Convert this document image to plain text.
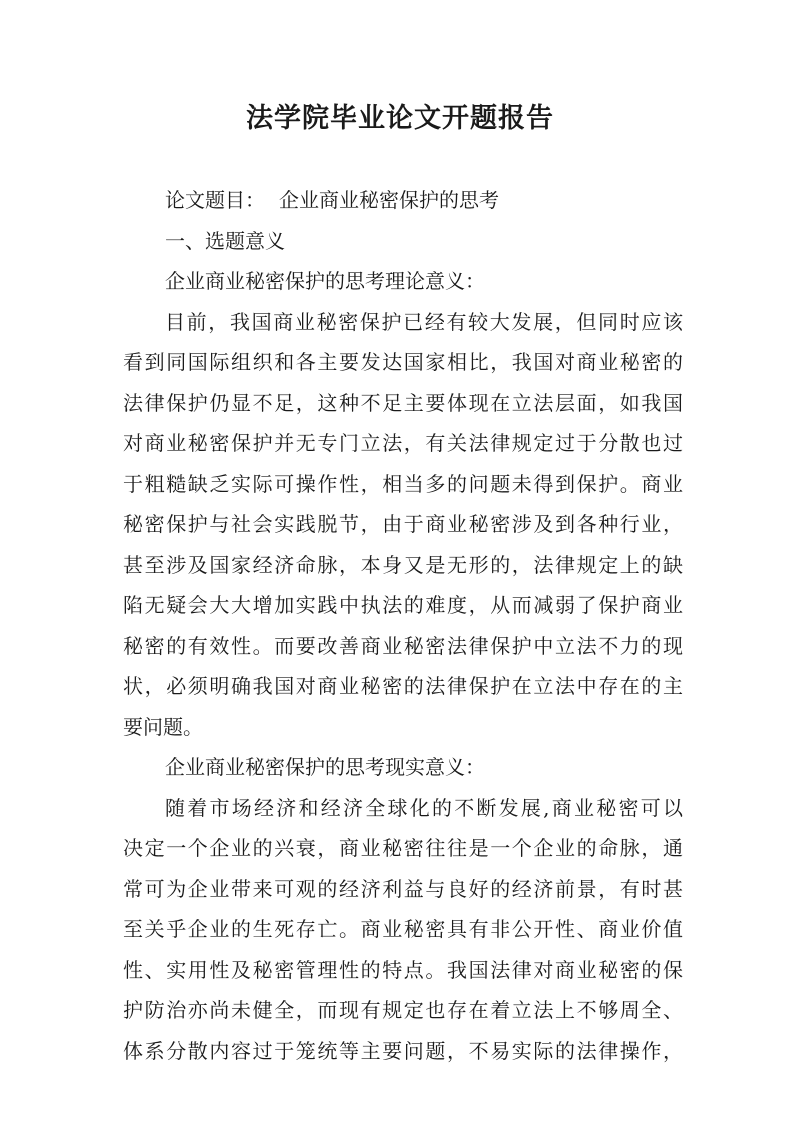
法学院毕业论文开题报告
论文题目： 企业商业秘密保护的思考
一、选题意义
企业商业秘密保护的思考理论意义：
目前，我国商业秘密保护已经有较大发展，但同时应该
看到同国际组织和各主要发达国家相比，我国对商业秘密的
法律保护仍显不足，这种不足主要体现在立法层面，如我国
对商业秘密保护并无专门立法，有关法律规定过于分散也过
于粗糙缺乏实际可操作性，相当多的问题未得到保护。商业
秘密保护与社会实践脱节，由于商业秘密涉及到各种行业，
甚至涉及国家经济命脉，本身又是无形的，法律规定上的缺
陷无疑会大大增加实践中执法的难度，从而减弱了保护商业
秘密的有效性。而要改善商业秘密法律保护中立法不力的现
状，必须明确我国对商业秘密的法律保护在立法中存在的主
要问题。
企业商业秘密保护的思考现实意义：
随着市场经济和经济全球化的不断发展,商业秘密可以
决定一个企业的兴衰，商业秘密往往是一个企业的命脉，通
常可为企业带来可观的经济利益与良好的经济前景，有时甚
至关乎企业的生死存亡。商业秘密具有非公开性、商业价值
性、实用性及秘密管理性的特点。我国法律对商业秘密的保
护防治亦尚未健全，而现有规定也存在着立法上不够周全、
体系分散内容过于笼统等主要问题，不易实际的法律操作，
